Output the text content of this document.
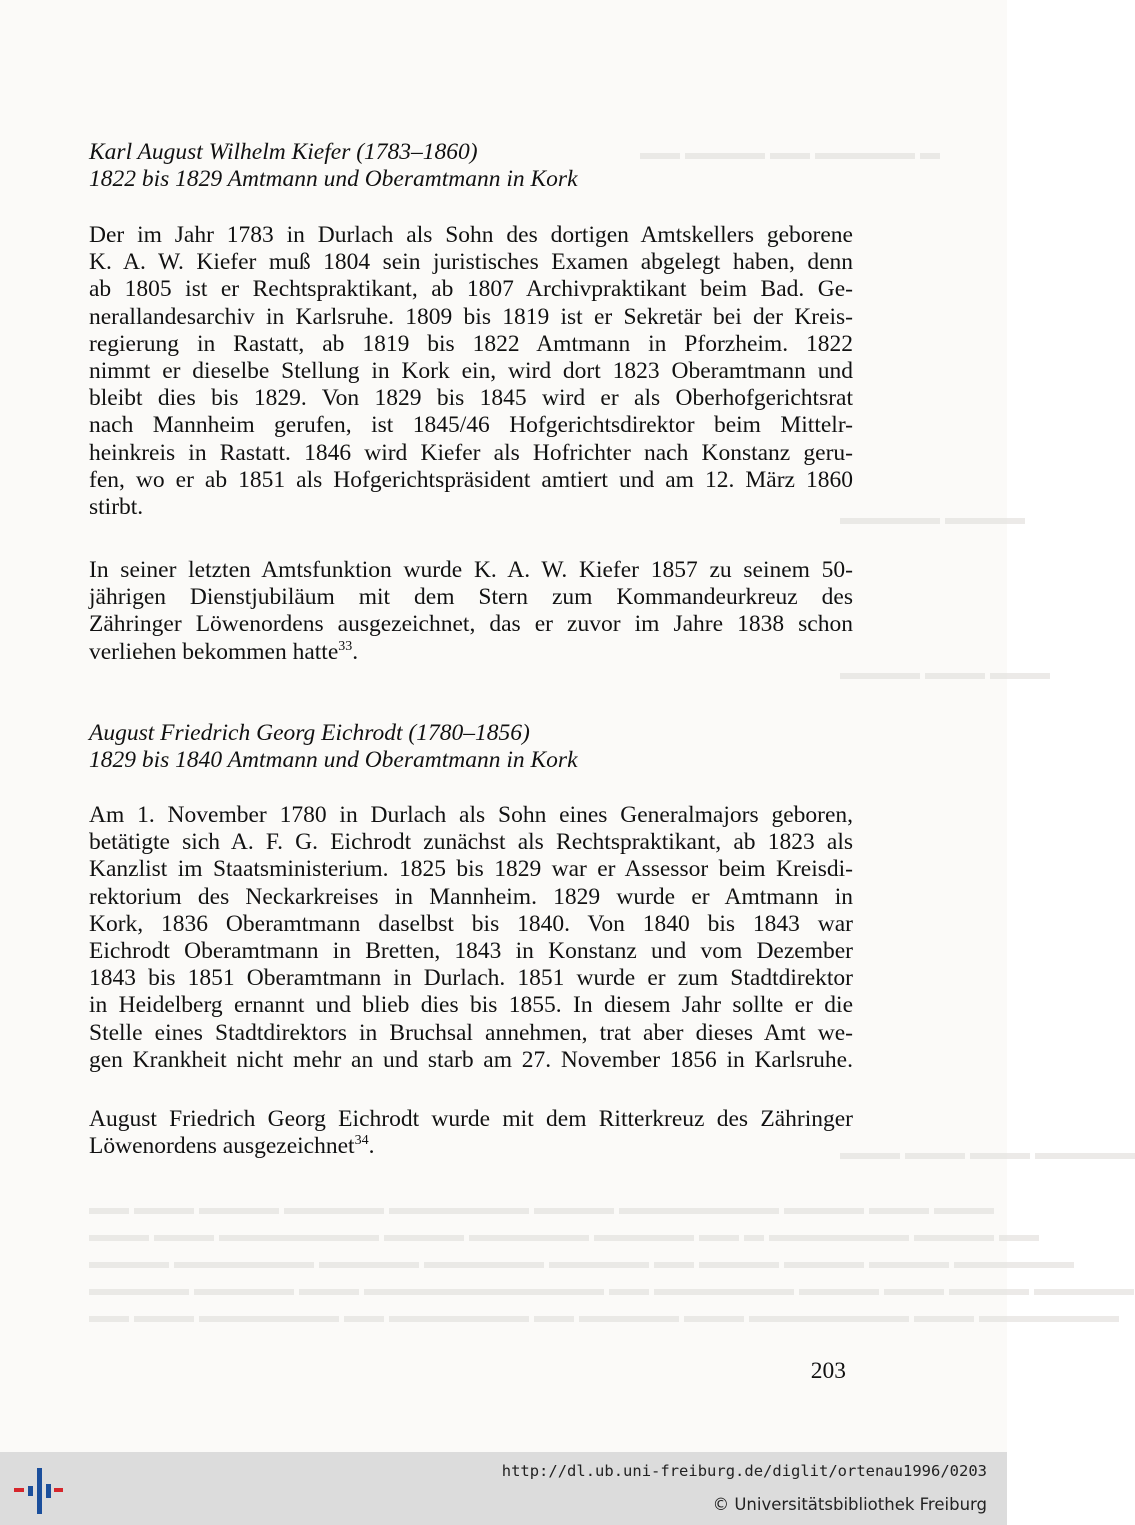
▬▬ ▬▬▬▬ ▬▬ ▬▬▬▬▬ ▬
▬▬▬▬▬ ▬▬▬▬
▬▬▬▬ ▬▬▬ ▬▬▬
▬▬▬ ▬▬▬ ▬▬▬ ▬▬▬▬▬
▬▬ ▬▬▬ ▬▬▬▬ ▬▬▬▬▬ ▬▬▬▬▬▬▬ ▬▬▬▬ ▬▬▬▬▬▬▬▬ ▬▬▬▬ ▬▬▬ ▬▬▬
▬▬▬ ▬▬▬ ▬▬▬▬▬▬▬▬ ▬▬▬▬ ▬▬▬▬▬▬ ▬▬▬▬▬ ▬▬ ▬ ▬▬▬▬▬▬▬ ▬▬▬▬ ▬▬
▬▬▬▬ ▬▬▬▬▬▬▬ ▬▬▬▬▬ ▬▬▬▬▬▬ ▬▬▬▬▬ ▬▬ ▬▬▬▬ ▬▬▬▬ ▬▬▬▬ ▬▬▬▬▬▬
▬▬▬▬▬ ▬▬▬▬▬ ▬▬▬ ▬▬▬▬▬▬▬▬▬▬▬▬ ▬▬ ▬▬▬▬▬▬▬ ▬▬▬▬ ▬▬▬ ▬▬▬▬ ▬▬▬▬▬
▬▬ ▬▬▬ ▬▬▬▬▬▬▬ ▬▬ ▬▬▬▬▬▬▬ ▬▬ ▬▬▬▬▬ ▬▬▬ ▬▬▬▬▬▬▬▬ ▬▬▬ ▬▬▬▬▬▬▬
Karl August Wilhelm Kiefer (1783–1860)
1822 bis 1829 Amtmann und Oberamtmann in Kork
Der im Jahr 1783 in Durlach als Sohn des dortigen Amtskellers geborene
K. A. W. Kiefer muß 1804 sein juristisches Examen abgelegt haben, denn
ab 1805 ist er Rechtspraktikant, ab 1807 Archivpraktikant beim Bad. Ge-
nerallandesarchiv in Karlsruhe. 1809 bis 1819 ist er Sekretär bei der Kreis-
regierung in Rastatt, ab 1819 bis 1822 Amtmann in Pforzheim. 1822
nimmt er dieselbe Stellung in Kork ein, wird dort 1823 Oberamtmann und
bleibt dies bis 1829. Von 1829 bis 1845 wird er als Oberhofgerichtsrat
nach Mannheim gerufen, ist 1845/46 Hofgerichtsdirektor beim Mittelr-
heinkreis in Rastatt. 1846 wird Kiefer als Hofrichter nach Konstanz geru-
fen, wo er ab 1851 als Hofgerichtspräsident amtiert und am 12. März 1860
stirbt.
In seiner letzten Amtsfunktion wurde K. A. W. Kiefer 1857 zu seinem 50-
jährigen Dienstjubiläum mit dem Stern zum Kommandeurkreuz des
Zähringer Löwenordens ausgezeichnet, das er zuvor im Jahre 1838 schon
verliehen bekommen hatte$^{33}$.
August Friedrich Georg Eichrodt (1780–1856)
1829 bis 1840 Amtmann und Oberamtmann in Kork
Am 1. November 1780 in Durlach als Sohn eines Generalmajors geboren,
betätigte sich A. F. G. Eichrodt zunächst als Rechtspraktikant, ab 1823 als
Kanzlist im Staatsministerium. 1825 bis 1829 war er Assessor beim Kreisdi-
rektorium des Neckarkreises in Mannheim. 1829 wurde er Amtmann in
Kork, 1836 Oberamtmann daselbst bis 1840. Von 1840 bis 1843 war
Eichrodt Oberamtmann in Bretten, 1843 in Konstanz und vom Dezember
1843 bis 1851 Oberamtmann in Durlach. 1851 wurde er zum Stadtdirektor
in Heidelberg ernannt und blieb dies bis 1855. In diesem Jahr sollte er die
Stelle eines Stadtdirektors in Bruchsal annehmen, trat aber dieses Amt we-
gen Krankheit nicht mehr an und starb am 27. November 1856 in Karlsruhe.
August Friedrich Georg Eichrodt wurde mit dem Ritterkreuz des Zähringer
Löwenordens ausgezeichnet$^{34}$.
203
http://dl.ub.uni-freiburg.de/diglit/ortenau1996/0203
© Universitätsbibliothek Freiburg
